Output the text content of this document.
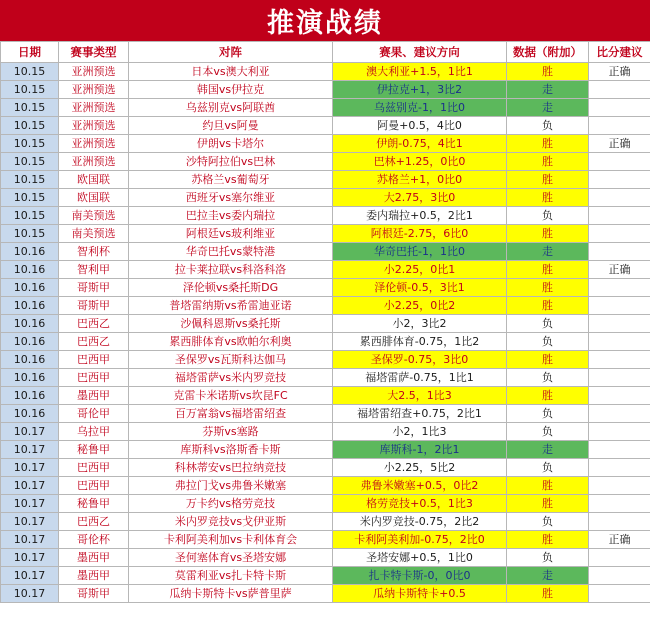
推演战绩
日期	赛事类型	对阵	赛果、建议方向	数据（附加）	比分建议
10.15	亚洲预选	日本vs澳大利亚	澳大利亚+1.5，1比1	胜	正确
10.15	亚洲预选	韩国vs伊拉克	伊拉克+1，3比2	走	
10.15	亚洲预选	乌兹别克vs阿联酋	乌兹别克-1，1比0	走	
10.15	亚洲预选	约旦vs阿曼	阿曼+0.5，4比0	负	
10.15	亚洲预选	伊朗vs卡塔尔	伊朗-0.75，4比1	胜	正确
10.15	亚洲预选	沙特阿拉伯vs巴林	巴林+1.25，0比0	胜	
10.15	欧国联	苏格兰vs葡萄牙	苏格兰+1，0比0	胜	
10.15	欧国联	西班牙vs塞尔维亚	大2.75，3比0	胜	
10.15	南美预选	巴拉圭vs委内瑞拉	委内瑞拉+0.5，2比1	负	
10.15	南美预选	阿根廷vs玻利维亚	阿根廷-2.75，6比0	胜	
10.16	智利杯	华奇巴托vs蒙特港	华奇巴托-1，1比0	走	
10.16	智利甲	拉卡莱拉联vs科洛科洛	小2.25，0比1	胜	正确
10.16	哥斯甲	泽伦顿vs桑托斯DG	泽伦顿-0.5，3比1	胜	
10.16	哥斯甲	普塔雷纳斯vs希雷迪亚诺	小2.25，0比2	胜	
10.16	巴西乙	沙佩科恩斯vs桑托斯	小2，3比2	负	
10.16	巴西乙	累西腓体育vs欧帕尔利奥	累西腓体育-0.75，1比2	负	
10.16	巴西甲	圣保罗vs瓦斯科达伽马	圣保罗-0.75，3比0	胜	
10.16	巴西甲	福塔雷萨vs米内罗竞技	福塔雷萨-0.75，1比1	负	
10.16	墨西甲	克雷卡米诺斯vs坎昆FC	大2.5，1比3	胜	
10.16	哥伦甲	百万富翁vs福塔雷绍查	福塔雷绍查+0.75，2比1	负	
10.17	乌拉甲	芬斯vs塞路	小2，1比3	负	
10.17	秘鲁甲	库斯科vs洛斯香卡斯	库斯科-1，2比1	走	
10.17	巴西甲	科林蒂安vs巴拉纳竞技	小2.25，5比2	负	
10.17	巴西甲	弗拉门戈vs弗鲁米嫩塞	弗鲁米嫩塞+0.5，0比2	胜	
10.17	秘鲁甲	万卡约vs格劳竞技	格劳竞技+0.5，1比3	胜	
10.17	巴西乙	米内罗竞技vs戈伊亚斯	米内罗竞技-0.75，2比2	负	
10.17	哥伦杯	卡利阿美利加vs卡利体育会	卡利阿美利加-0.75，2比0	胜	正确
10.17	墨西甲	圣何塞体育vs圣塔安娜	圣塔安娜+0.5，1比0	负	
10.17	墨西甲	莫雷利亚vs扎卡特卡斯	扎卡特卡斯-0，0比0	走	
10.17	哥斯甲	瓜纳卡斯特卡vs萨普里萨	瓜纳卡斯特卡+0.5	胜	
